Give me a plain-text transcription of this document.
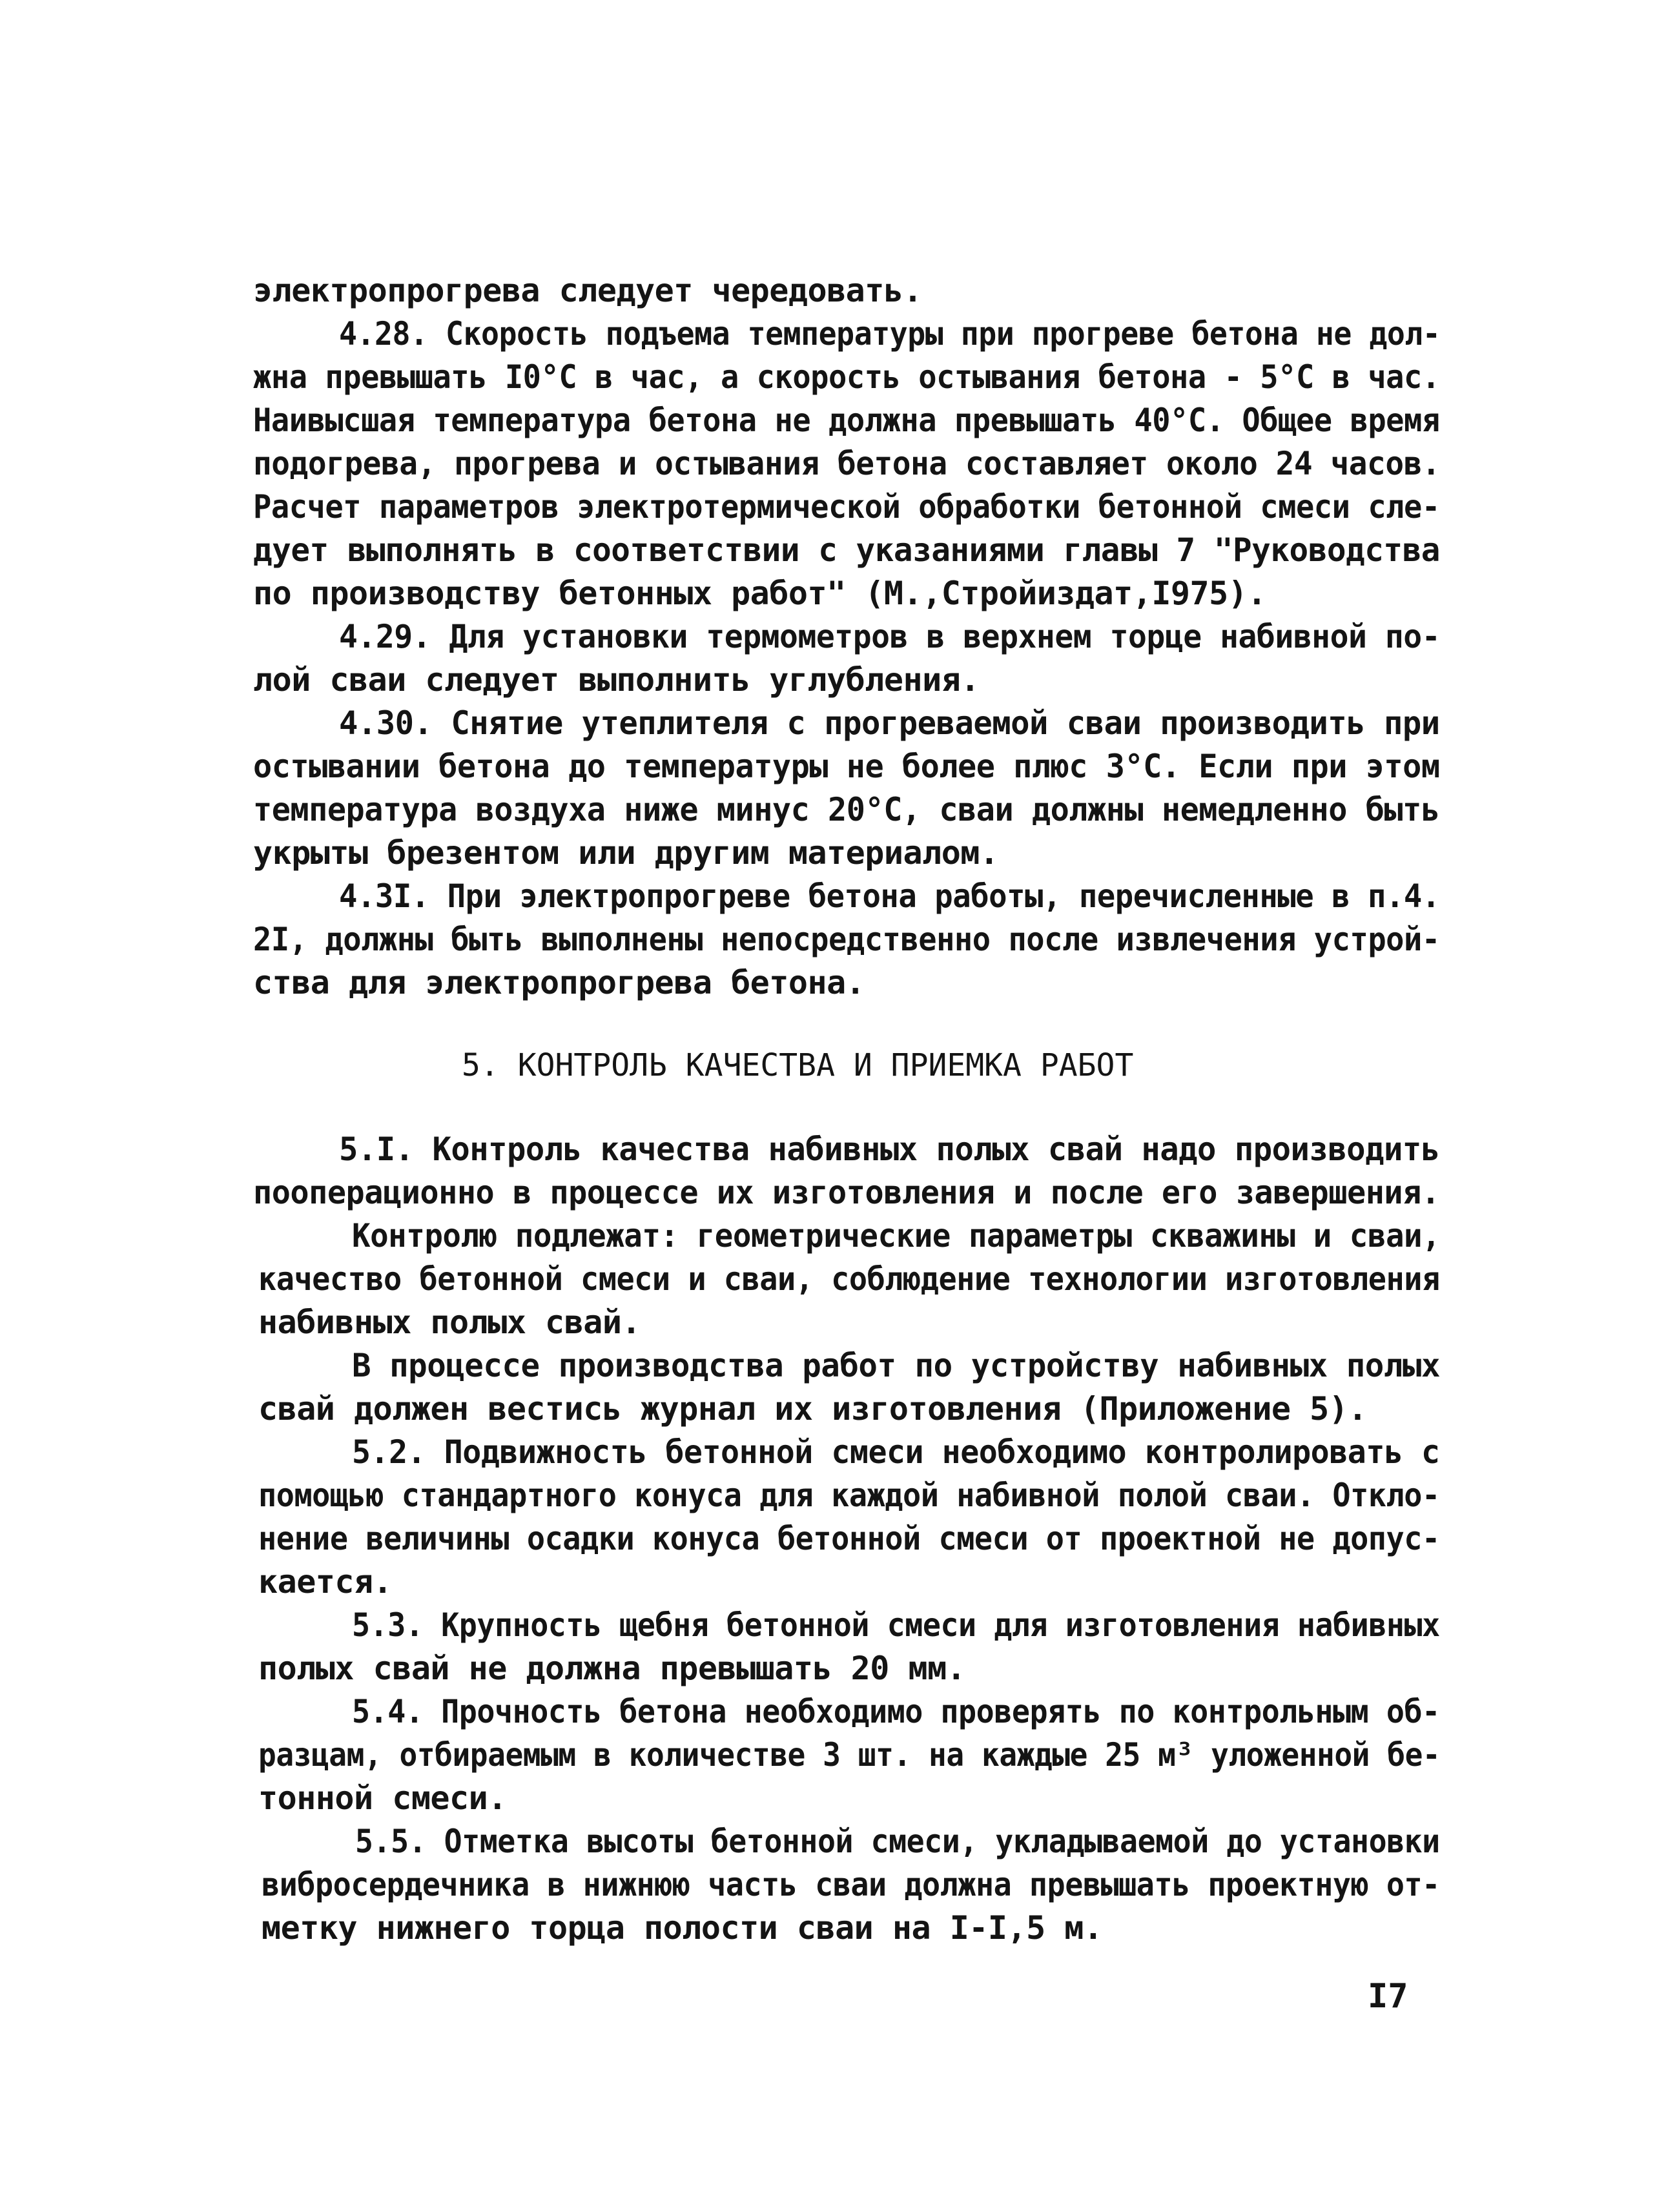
электропрогрева следует чередовать.
4.28. Скорость подъема температуры при прогреве бетона не дол-
жна превышать I0°С в час, а скорость остывания бетона - 5°С в час.
Наивысшая температура бетона не должна превышать 40°С. Общее время
подогрева, прогрева и остывания бетона составляет около 24 часов.
Расчет параметров электротермической обработки бетонной смеси сле-
дует выполнять в соответствии с указаниями главы 7 "Руководства
по производству бетонных работ" (М.,Стройиздат,I975).
4.29. Для установки термометров в верхнем торце набивной по-
лой сваи следует выполнить углубления.
4.30. Снятие утеплителя с прогреваемой сваи производить при
остывании бетона до температуры не более плюс 3°С. Если при этом
температура воздуха ниже минус 20°С, сваи должны немедленно быть
укрыты брезентом или другим материалом.
4.3I. При электропрогреве бетона работы, перечисленные в п.4.
2I, должны быть выполнены непосредственно после извлечения устрой-
ства для электропрогрева бетона.
5. КОНТРОЛЬ КАЧЕСТВА И ПРИЕМКА РАБОТ
5.I. Контроль качества набивных полых свай надо производить
пооперационно в процессе их изготовления и после его завершения.
Контролю подлежат: геометрические параметры скважины и сваи,
качество бетонной смеси и сваи, соблюдение технологии изготовления
набивных полых свай.
В процессе производства работ по устройству набивных полых
свай должен вестись журнал их изготовления (Приложение 5).
5.2. Подвижность бетонной смеси необходимо контролировать с
помощью стандартного конуса для каждой набивной полой сваи. Откло-
нение величины осадки конуса бетонной смеси от проектной не допус-
кается.
5.3. Крупность щебня бетонной смеси для изготовления набивных
полых свай не должна превышать 20 мм.
5.4. Прочность бетона необходимо проверять по контрольным об-
разцам, отбираемым в количестве 3 шт. на каждые 25 м³ уложенной бе-
тонной смеси.
5.5. Отметка высоты бетонной смеси, укладываемой до установки
вибросердечника в нижнюю часть сваи должна превышать проектную от-
метку нижнего торца полости сваи на I-I,5 м.
I7
